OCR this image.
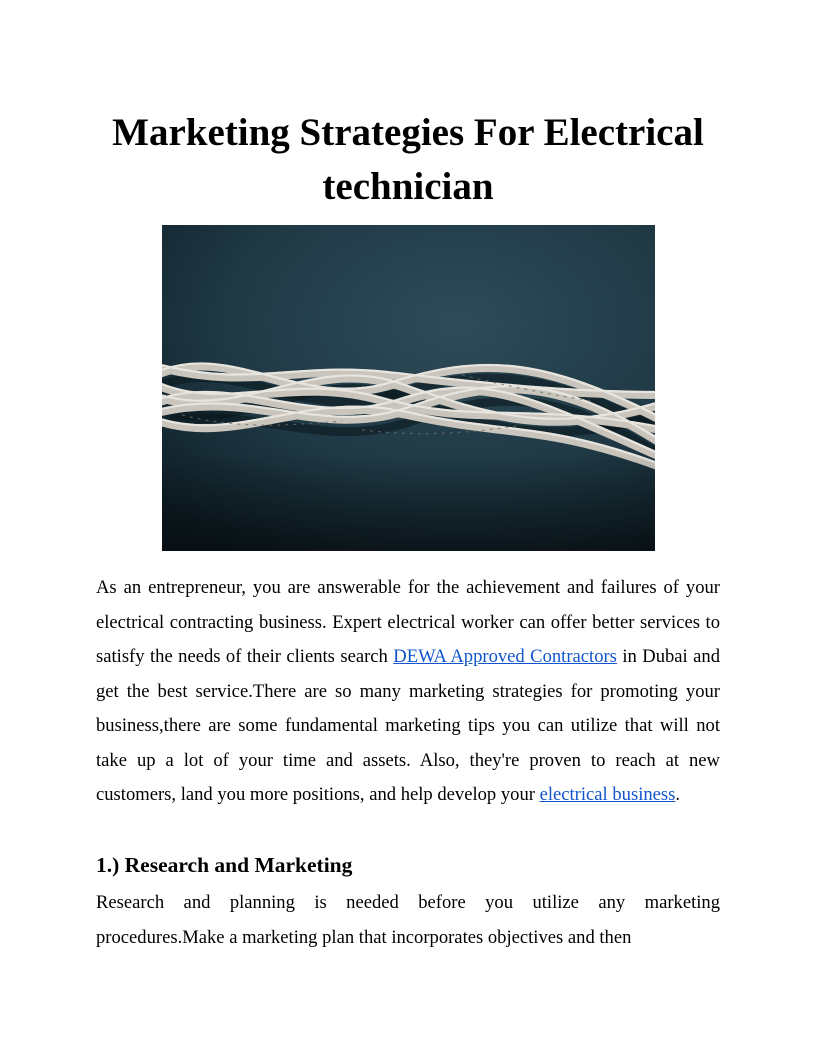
Marketing Strategies For Electrical technician

As an entrepreneur, you are answerable for the achievement and failures of your electrical contracting business. Expert electrical worker can offer better services to satisfy the needs of their clients search DEWA Approved Contractors in Dubai and get the best service.There are so many marketing strategies for promoting your business,there are some fundamental marketing tips you can utilize that will not take up a lot of your time and assets. Also, they're proven to reach at new customers, land you more positions, and help develop your electrical business.

1.) Research and Marketing

Research and planning is needed before you utilize any marketing procedures.Make a marketing plan that incorporates objectives and then
